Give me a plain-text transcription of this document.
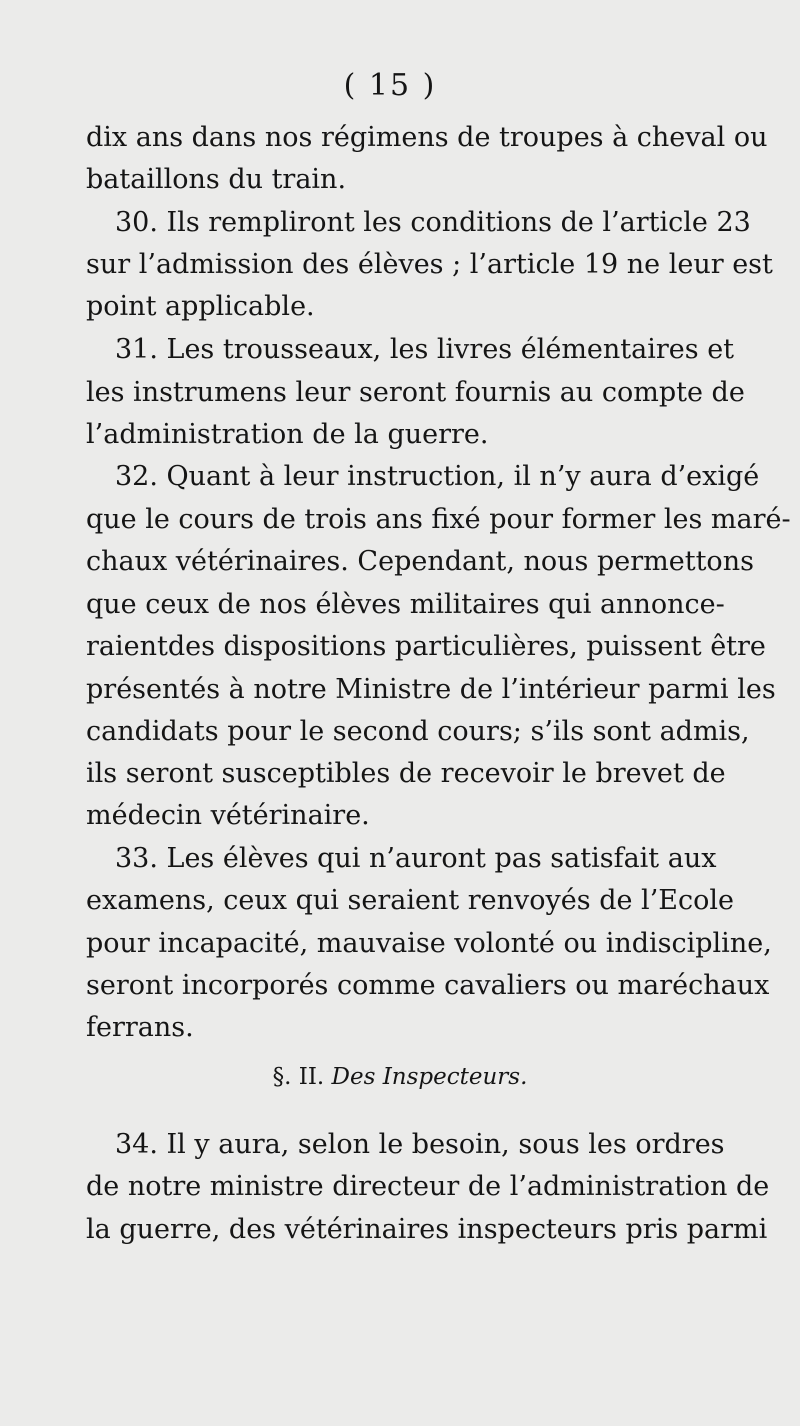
( 15 )
dix ans dans nos régimens de troupes à cheval ou
bataillons du train.
30. Ils rempliront les conditions de l’article 23
sur l’admission des élèves ; l’article 19 ne leur est
point applicable.
31. Les trousseaux, les livres élémentaires et
les instrumens leur seront fournis au compte de
l’administration de la guerre.
32. Quant à leur instruction, il n’y aura d’exigé
que le cours de trois ans fixé pour former les maré-
chaux vétérinaires. Cependant, nous permettons
que ceux de nos élèves militaires qui annonce-
raientdes dispositions particulières, puissent être
présentés à notre Ministre de l’intérieur parmi les
candidats pour le second cours; s’ils sont admis,
ils seront susceptibles de recevoir le brevet de
médecin vétérinaire.
33. Les élèves qui n’auront pas satisfait aux
examens, ceux qui seraient renvoyés de l’Ecole
pour incapacité, mauvaise volonté ou indiscipline,
seront incorporés comme cavaliers ou maréchaux
ferrans.
§. II. Des Inspecteurs.
34. Il y aura, selon le besoin, sous les ordres
de notre ministre directeur de l’administration de
la guerre, des vétérinaires inspecteurs pris parmi
